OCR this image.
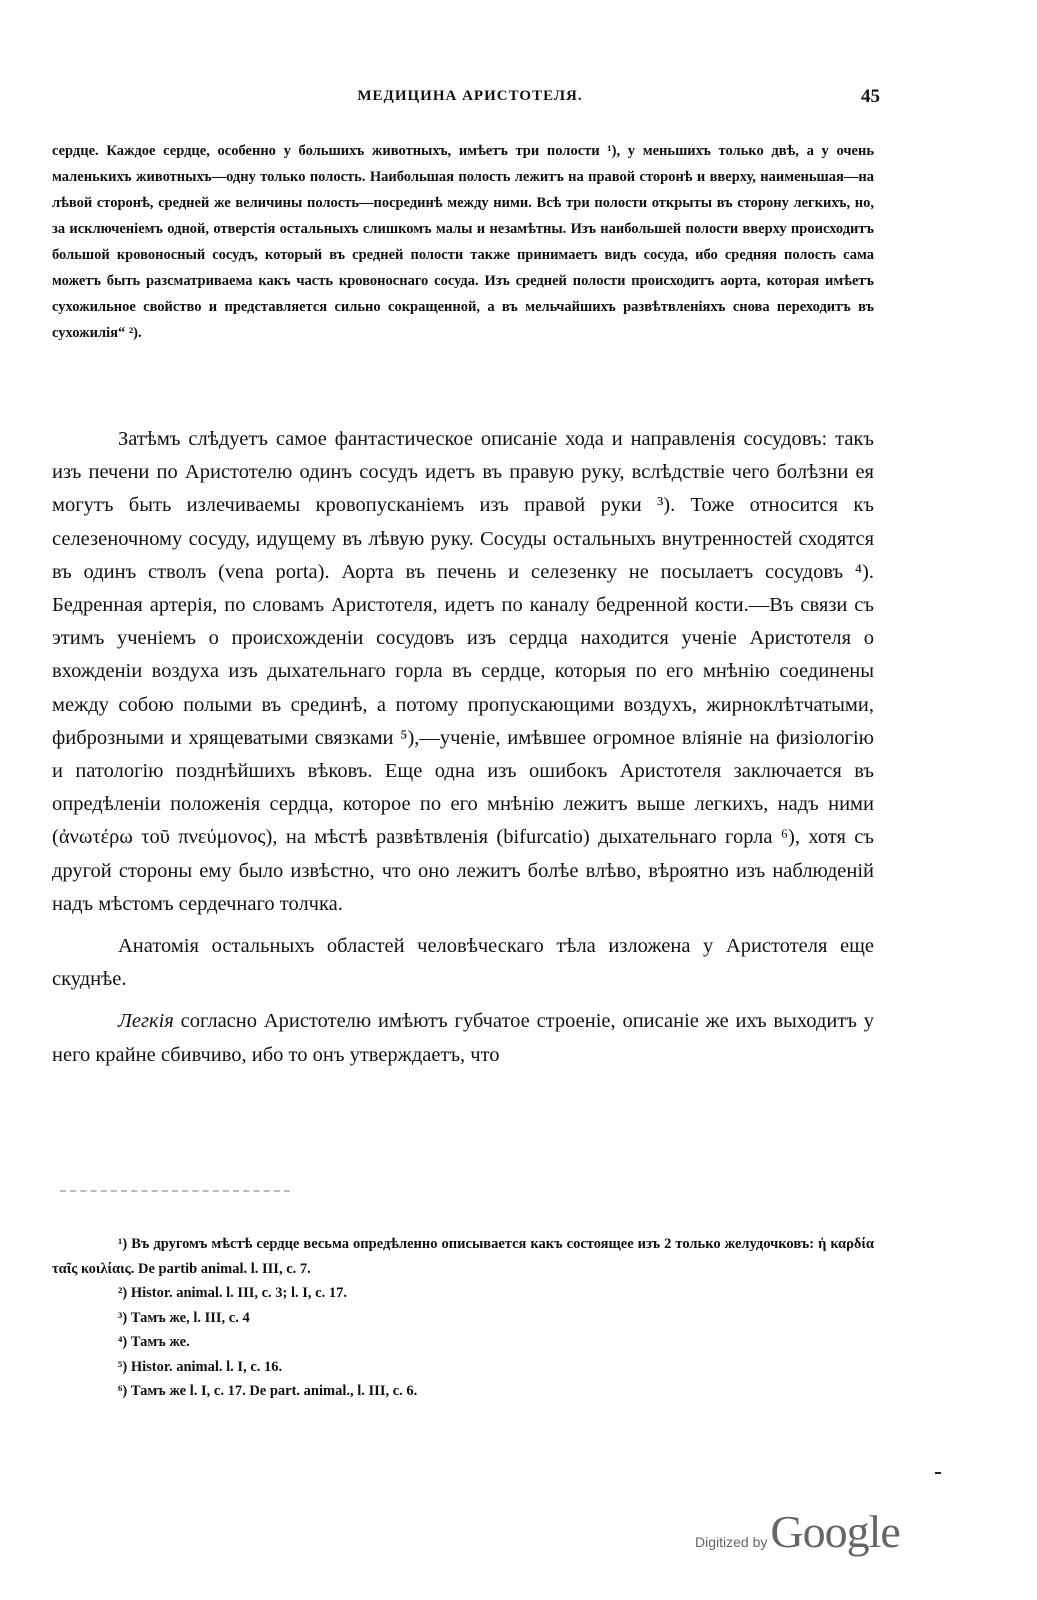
МЕДИЦИНА АРИСТОТЕЛЯ.	45

сердце. Каждое сердце, особенно у большихъ животныхъ, имѣетъ три полости ¹), у меньшихъ только двѣ, а у очень маленькихъ животныхъ—одну только полость. Наибольшая полость лежитъ на правой сторонѣ и вверху, наименьшая—на лѣвой сторонѣ, средней же величины полость—посрединѣ между ними. Всѣ три полости открыты въ сторону легкихъ, но, за исключеніемъ одной, отверстія остальныхъ слишкомъ малы и незамѣтны. Изъ наибольшей полости вверху происходитъ большой кровоносный сосудъ, который въ средней полости также принимаетъ видъ сосуда, ибо средняя полость сама можетъ быть разсматриваема какъ часть кровоноснаго сосуда. Изъ средней полости происходитъ аорта, которая имѣетъ сухожильное свойство и представляется сильно сокращенной, а въ мельчайшихъ развѣтвленіяхъ снова переходитъ въ сухожилія“ ²).

Затѣмъ слѣдуетъ самое фантастическое описаніе хода и направленія сосудовъ: такъ изъ печени по Аристотелю одинъ сосудъ идетъ въ правую руку, вслѣдствіе чего болѣзни ея могутъ быть излечиваемы кровопусканіемъ изъ правой руки ³). Тоже относится къ селезеночному сосуду, идущему въ лѣвую руку. Сосуды остальныхъ внутренностей сходятся въ одинъ стволъ (vena porta). Аорта въ печень и селезенку не посылаетъ сосудовъ ⁴). Бедренная артерія, по словамъ Аристотеля, идетъ по каналу бедренной кости.—Въ связи съ этимъ ученіемъ о происхожденіи сосудовъ изъ сердца находится ученіе Аристотеля о вхожденіи воздуха изъ дыхательнаго горла въ сердце, которыя по его мнѣнію соединены между собою полыми въ срединѣ, а потому пропускающими воздухъ, жирноклѣтчатыми, фиброзными и хрящеватыми связками ⁵),—ученіе, имѣвшее огромное вліяніе на физіологію и патологію позднѣйшихъ вѣковъ. Еще одна изъ ошибокъ Аристотеля заключается въ опредѣленіи положенія сердца, которое по его мнѣнію лежитъ выше легкихъ, надъ ними (ἀνωτέρω τοῦ πνεύμονος), на мѣстѣ развѣтвленія (bifurcatio) дыхательнаго горла ⁶), хотя съ другой стороны ему было извѣстно, что оно лежитъ болѣе влѣво, вѣроятно изъ наблюденій надъ мѣстомъ сердечнаго толчка.

Анатомія остальныхъ областей человѣческаго тѣла изложена у Аристотеля еще скуднѣе.

Легкія согласно Аристотелю имѣютъ губчатое строеніе, описаніе же ихъ выходитъ у него крайне сбивчиво, ибо то онъ утверждаетъ, что

¹) Въ другомъ мѣстѣ сердце весьма опредѣленно описывается какъ состоящее изъ 2 только желудочковъ: ἡ καρδία ταῖς κοιλίαις. De partib animal. l. III, c. 7.

²) Histor. animal. l. III, c. 3; l. I, c. 17.

³) Тамъ же, l. III, c. 4

⁴) Тамъ же.

⁵) Histor. animal. l. I, c. 16.

⁶) Тамъ же l. I, c. 17. De part. animal., l. III, c. 6.

Digitized by Google
